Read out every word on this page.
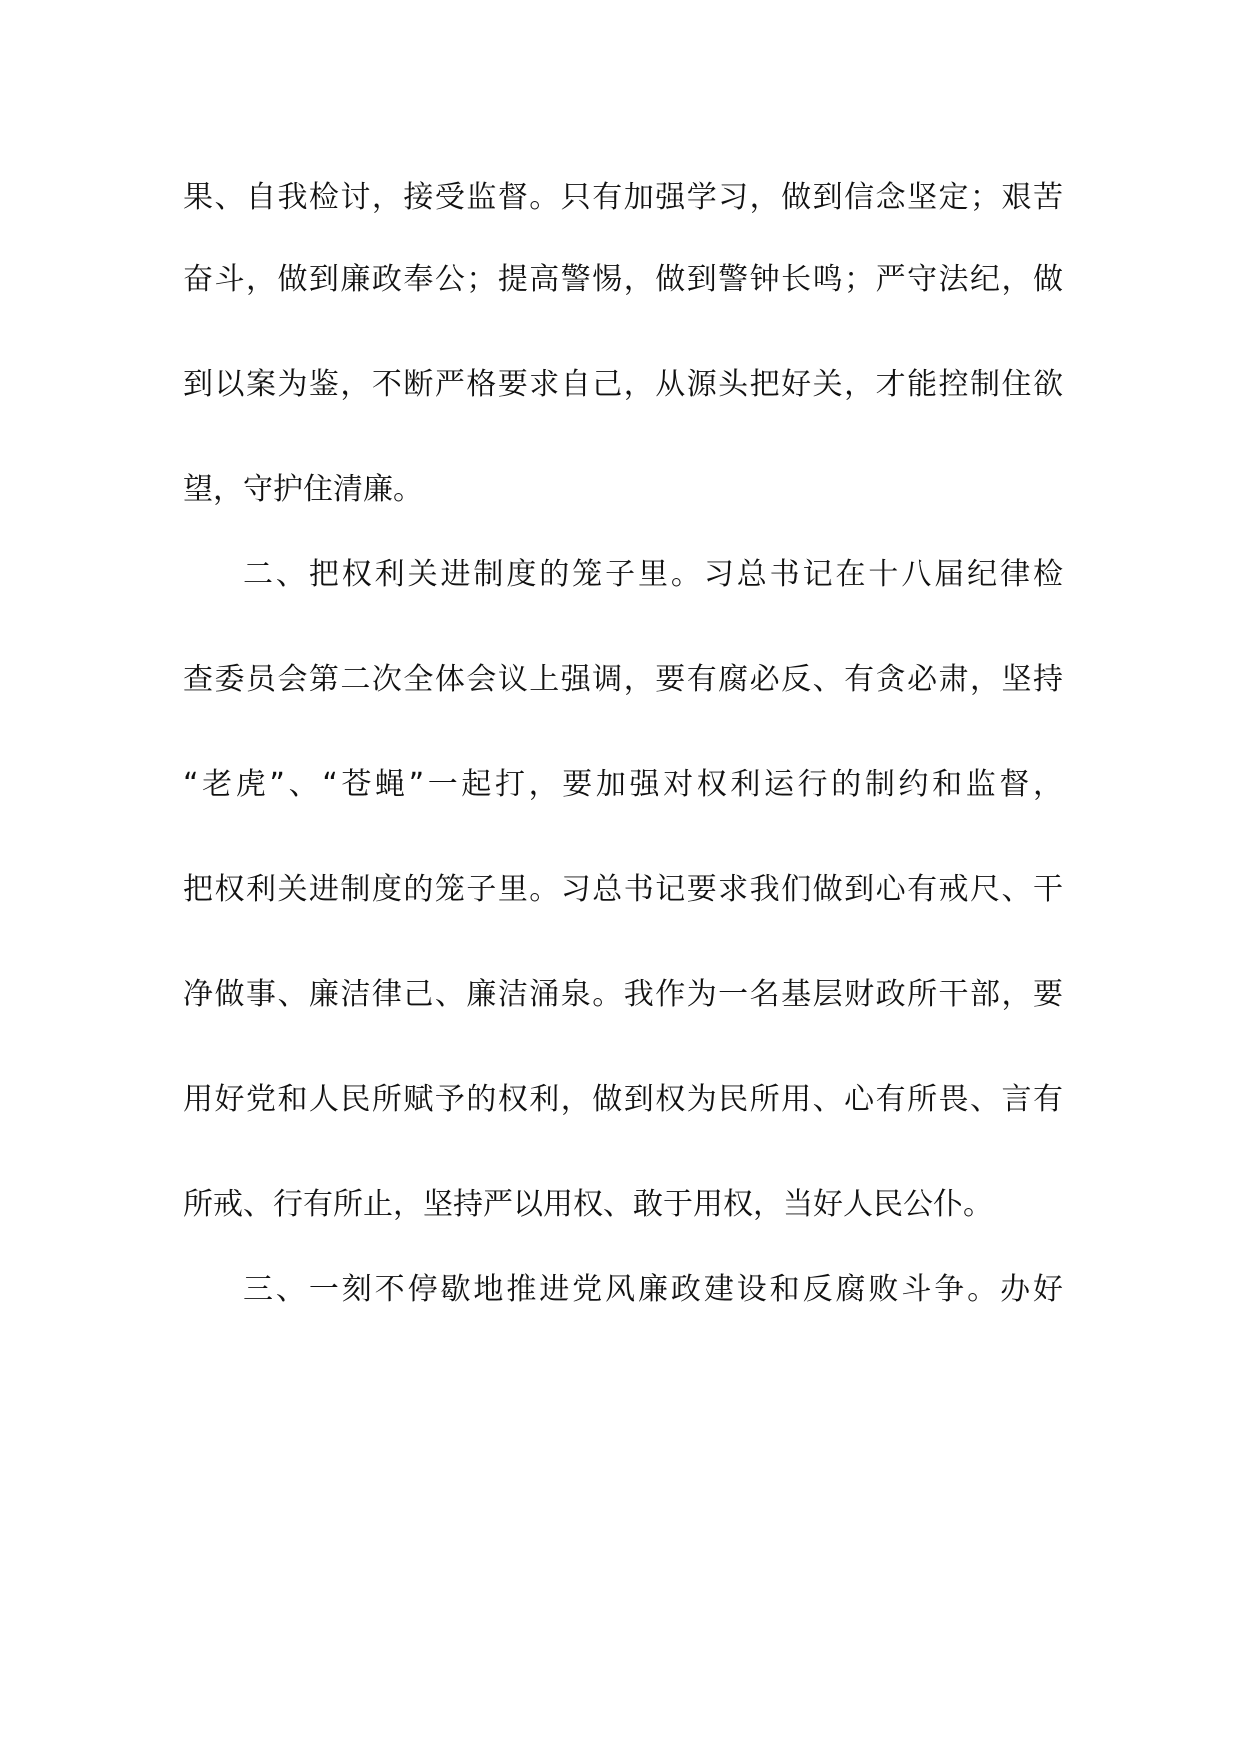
果、自我检讨，接受监督。只有加强学习，做到信念坚定；艰苦
奋斗，做到廉政奉公；提高警惕，做到警钟长鸣；严守法纪，做
到以案为鉴，不断严格要求自己，从源头把好关，才能控制住欲
望，守护住清廉。
二、把权利关进制度的笼子里。习总书记在十八届纪律检
查委员会第二次全体会议上强调，要有腐必反、有贪必肃，坚持
“老虎”、“苍蝇”一起打，要加强对权利运行的制约和监督，
把权利关进制度的笼子里。习总书记要求我们做到心有戒尺、干
净做事、廉洁律己、廉洁涌泉。我作为一名基层财政所干部，要
用好党和人民所赋予的权利，做到权为民所用、心有所畏、言有
所戒、行有所止，坚持严以用权、敢于用权，当好人民公仆。
三、一刻不停歇地推进党风廉政建设和反腐败斗争。办好
